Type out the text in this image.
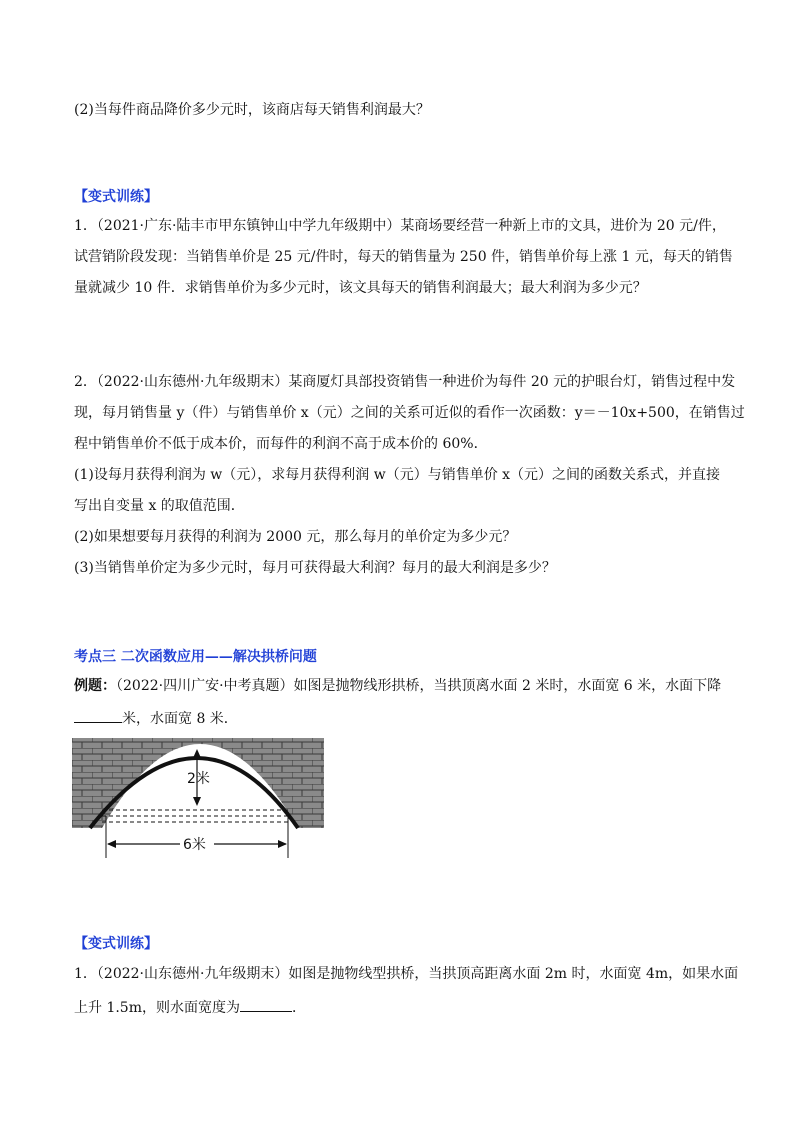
(2)当每件商品降价多少元时，该商店每天销售利润最大？
【变式训练】
1．（2021·广东·陆丰市甲东镇钟山中学九年级期中）某商场要经营一种新上市的文具，进价为 20 元/件，
试营销阶段发现：当销售单价是 25 元/件时，每天的销售量为 250 件，销售单价每上涨 1 元，每天的销售
量就减少 10 件．求销售单价为多少元时，该文具每天的销售利润最大；最大利润为多少元？
2．（2022·山东德州·九年级期末）某商厦灯具部投资销售一种进价为每件 20 元的护眼台灯，销售过程中发
现，每月销售量 y（件）与销售单价 x（元）之间的关系可近似的看作一次函数：y＝－10x+500，在销售过
程中销售单价不低于成本价，而每件的利润不高于成本价的 60%．
(1)设每月获得利润为 w（元），求每月获得利润 w（元）与销售单价 x（元）之间的函数关系式，并直接
写出自变量 x 的取值范围．
(2)如果想要每月获得的利润为 2000 元，那么每月的单价定为多少元？
(3)当销售单价定为多少元时，每月可获得最大利润？每月的最大利润是多少？
考点三 二次函数应用——解决拱桥问题
例题：（2022·四川广安·中考真题）如图是抛物线形拱桥，当拱顶离水面 2 米时，水面宽 6 米，水面下降
米，水面宽 8 米．
2米
6米
【变式训练】
1．（2022·山东德州·九年级期末）如图是抛物线型拱桥，当拱顶高距离水面 2m 时，水面宽 4m，如果水面
上升 1.5m，则水面宽度为	．
